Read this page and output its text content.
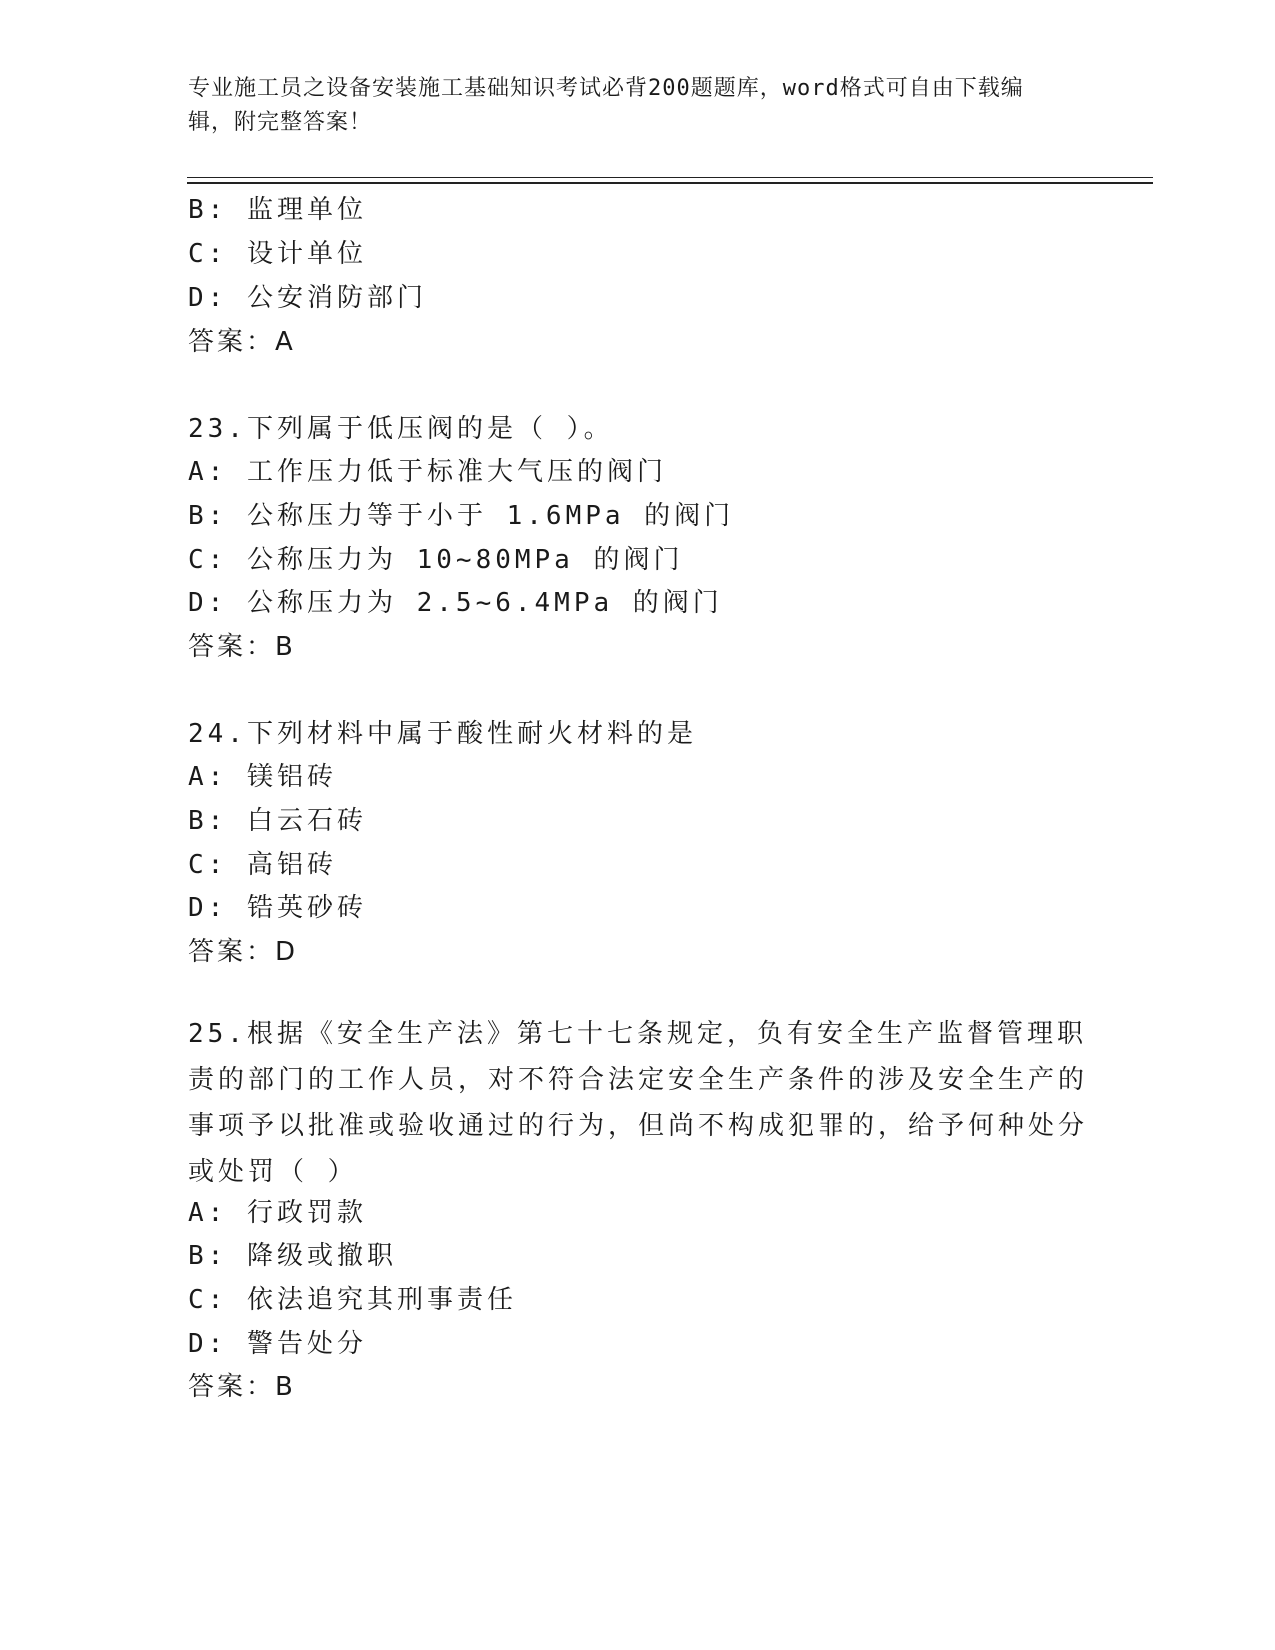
专业施工员之设备安装施工基础知识考试必背200题题库，word格式可自由下载编辑，附完整答案！
B: 监理单位
C: 设计单位
D: 公安消防部门
答案：A
23.下列属于低压阀的是（ ）。
A: 工作压力低于标准大气压的阀门
B: 公称压力等于小于 1.6MPa 的阀门
C: 公称压力为 10~80MPa 的阀门
D: 公称压力为 2.5~6.4MPa 的阀门
答案：B
24.下列材料中属于酸性耐火材料的是
A: 镁铝砖
B: 白云石砖
C: 高铝砖
D: 锆英砂砖
答案：D
25.根据《安全生产法》第七十七条规定，负有安全生产监督管理职责的部门的工作人员，对不符合法定安全生产条件的涉及安全生产的事项予以批准或验收通过的行为，但尚不构成犯罪的，给予何种处分或处罚（ ）
A: 行政罚款
B: 降级或撤职
C: 依法追究其刑事责任
D: 警告处分
答案：B
